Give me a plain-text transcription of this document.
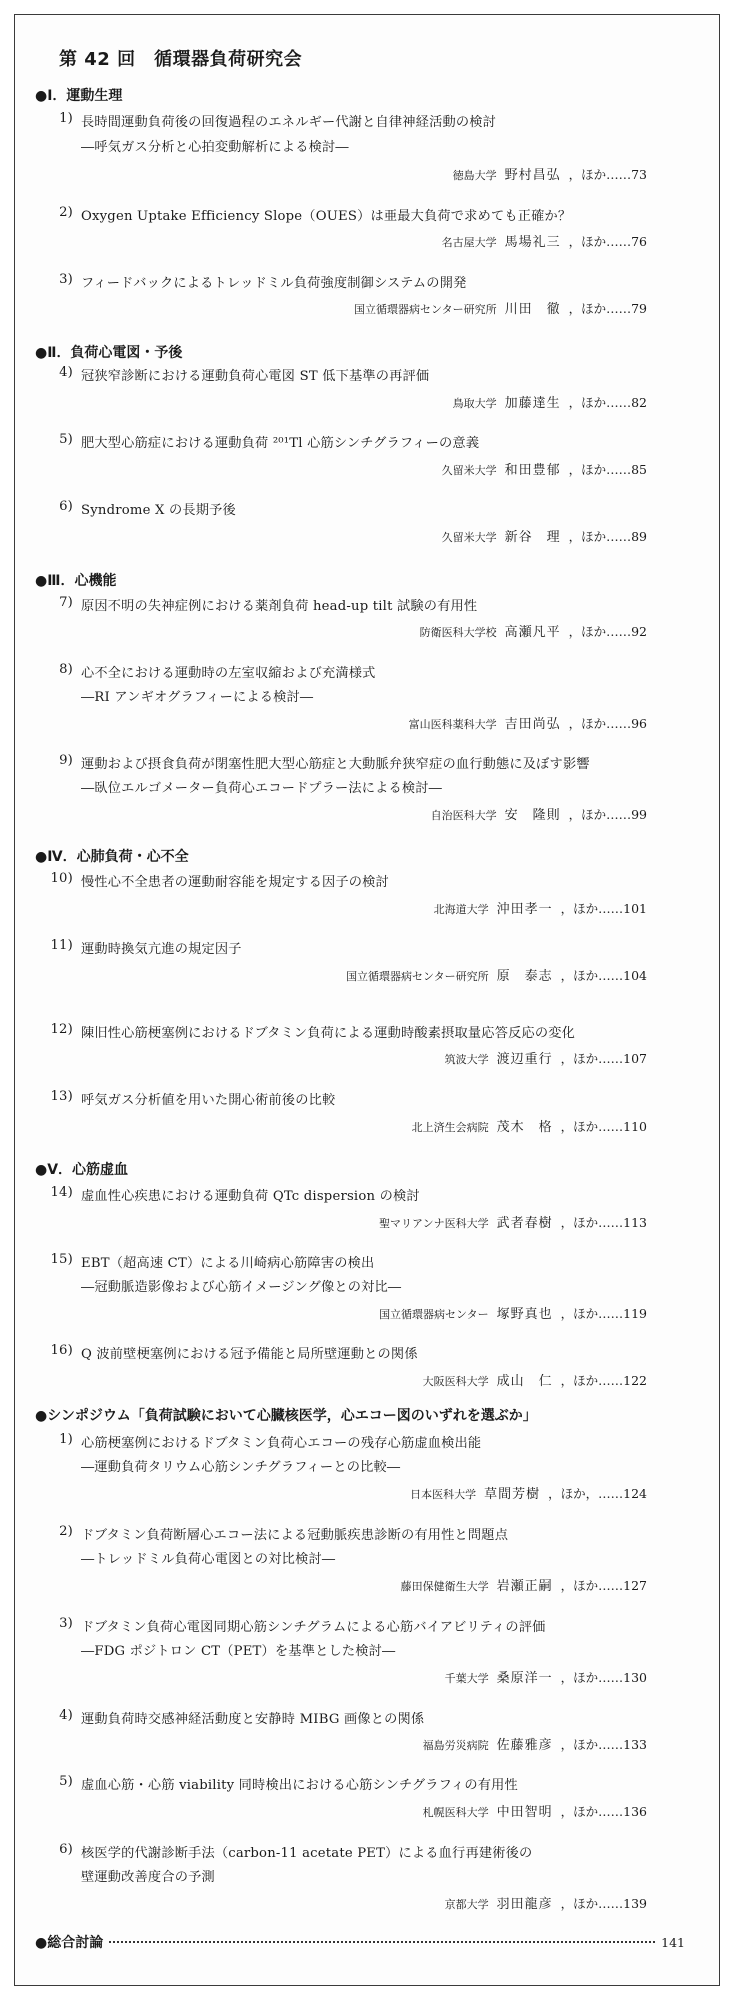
第 42 回　循環器負荷研究会
●Ⅰ．運動生理
●Ⅱ．負荷心電図・予後
●Ⅲ．心機能
●Ⅳ．心肺負荷・心不全
●Ⅴ．心筋虚血
●シンポジウム「負荷試験において心臓核医学，心エコー図のいずれを選ぶか」
1) 長時間運動負荷後の回復過程のエネルギー代謝と自律神経活動の検討
―呼気ガス分析と心拍変動解析による検討―
徳島大学 野村昌弘 ，ほか……73
2) Oxygen Uptake Efficiency Slope（OUES）は亜最大負荷で求めても正確か？
名古屋大学 馬場礼三 ，ほか……76
3) フィードバックによるトレッドミル負荷強度制御システムの開発
国立循環器病センター研究所 川田　徹 ，ほか……79
4) 冠狭窄診断における運動負荷心電図 ST 低下基準の再評価
鳥取大学 加藤達生 ，ほか……82
5) 肥大型心筋症における運動負荷 ²⁰¹Tl 心筋シンチグラフィーの意義
久留米大学 和田豊郁 ，ほか……85
6) Syndrome X の長期予後
久留米大学 新谷　理 ，ほか……89
7) 原因不明の失神症例における薬剤負荷 head-up tilt 試験の有用性
防衛医科大学校 高瀬凡平 ，ほか……92
8) 心不全における運動時の左室収縮および充満様式
―RI アンギオグラフィーによる検討―
富山医科薬科大学 吉田尚弘 ，ほか……96
9) 運動および摂食負荷が閉塞性肥大型心筋症と大動脈弁狭窄症の血行動態に及ぼす影響
―臥位エルゴメーター負荷心エコードプラー法による検討―
自治医科大学 安　隆則 ，ほか……99
10) 慢性心不全患者の運動耐容能を規定する因子の検討
北海道大学 沖田孝一 ，ほか……101
11) 運動時換気亢進の規定因子
国立循環器病センター研究所 原　泰志 ，ほか……104
12) 陳旧性心筋梗塞例におけるドブタミン負荷による運動時酸素摂取量応答反応の変化
筑波大学 渡辺重行 ，ほか……107
13) 呼気ガス分析値を用いた開心術前後の比較
北上済生会病院 茂木　格 ，ほか……110
14) 虚血性心疾患における運動負荷 QTc dispersion の検討
聖マリアンナ医科大学 武者春樹 ，ほか……113
15) EBT（超高速 CT）による川崎病心筋障害の検出
―冠動脈造影像および心筋イメージング像との対比―
国立循環器病センター 塚野真也 ，ほか……119
16) Q 波前壁梗塞例における冠予備能と局所壁運動との関係
大阪医科大学 成山　仁 ，ほか……122
1) 心筋梗塞例におけるドブタミン負荷心エコーの残存心筋虚血検出能
―運動負荷タリウム心筋シンチグラフィーとの比較―
日本医科大学 草間芳樹 ，ほか，……124
2) ドブタミン負荷断層心エコー法による冠動脈疾患診断の有用性と問題点
―トレッドミル負荷心電図との対比検討―
藤田保健衛生大学 岩瀬正嗣 ，ほか……127
3) ドブタミン負荷心電図同期心筋シンチグラムによる心筋バイアビリティの評価
―FDG ポジトロン CT（PET）を基準とした検討―
千葉大学 桑原洋一 ，ほか……130
4) 運動負荷時交感神経活動度と安静時 MIBG 画像との関係
福島労災病院 佐藤雅彦 ，ほか……133
5) 虚血心筋・心筋 viability 同時検出における心筋シンチグラフィの有用性
札幌医科大学 中田智明 ，ほか……136
6) 核医学的代謝診断手法（carbon-11 acetate PET）による血行再建術後の
壁運動改善度合の予測
京都大学 羽田龍彦 ，ほか……139
●総合討論	141
